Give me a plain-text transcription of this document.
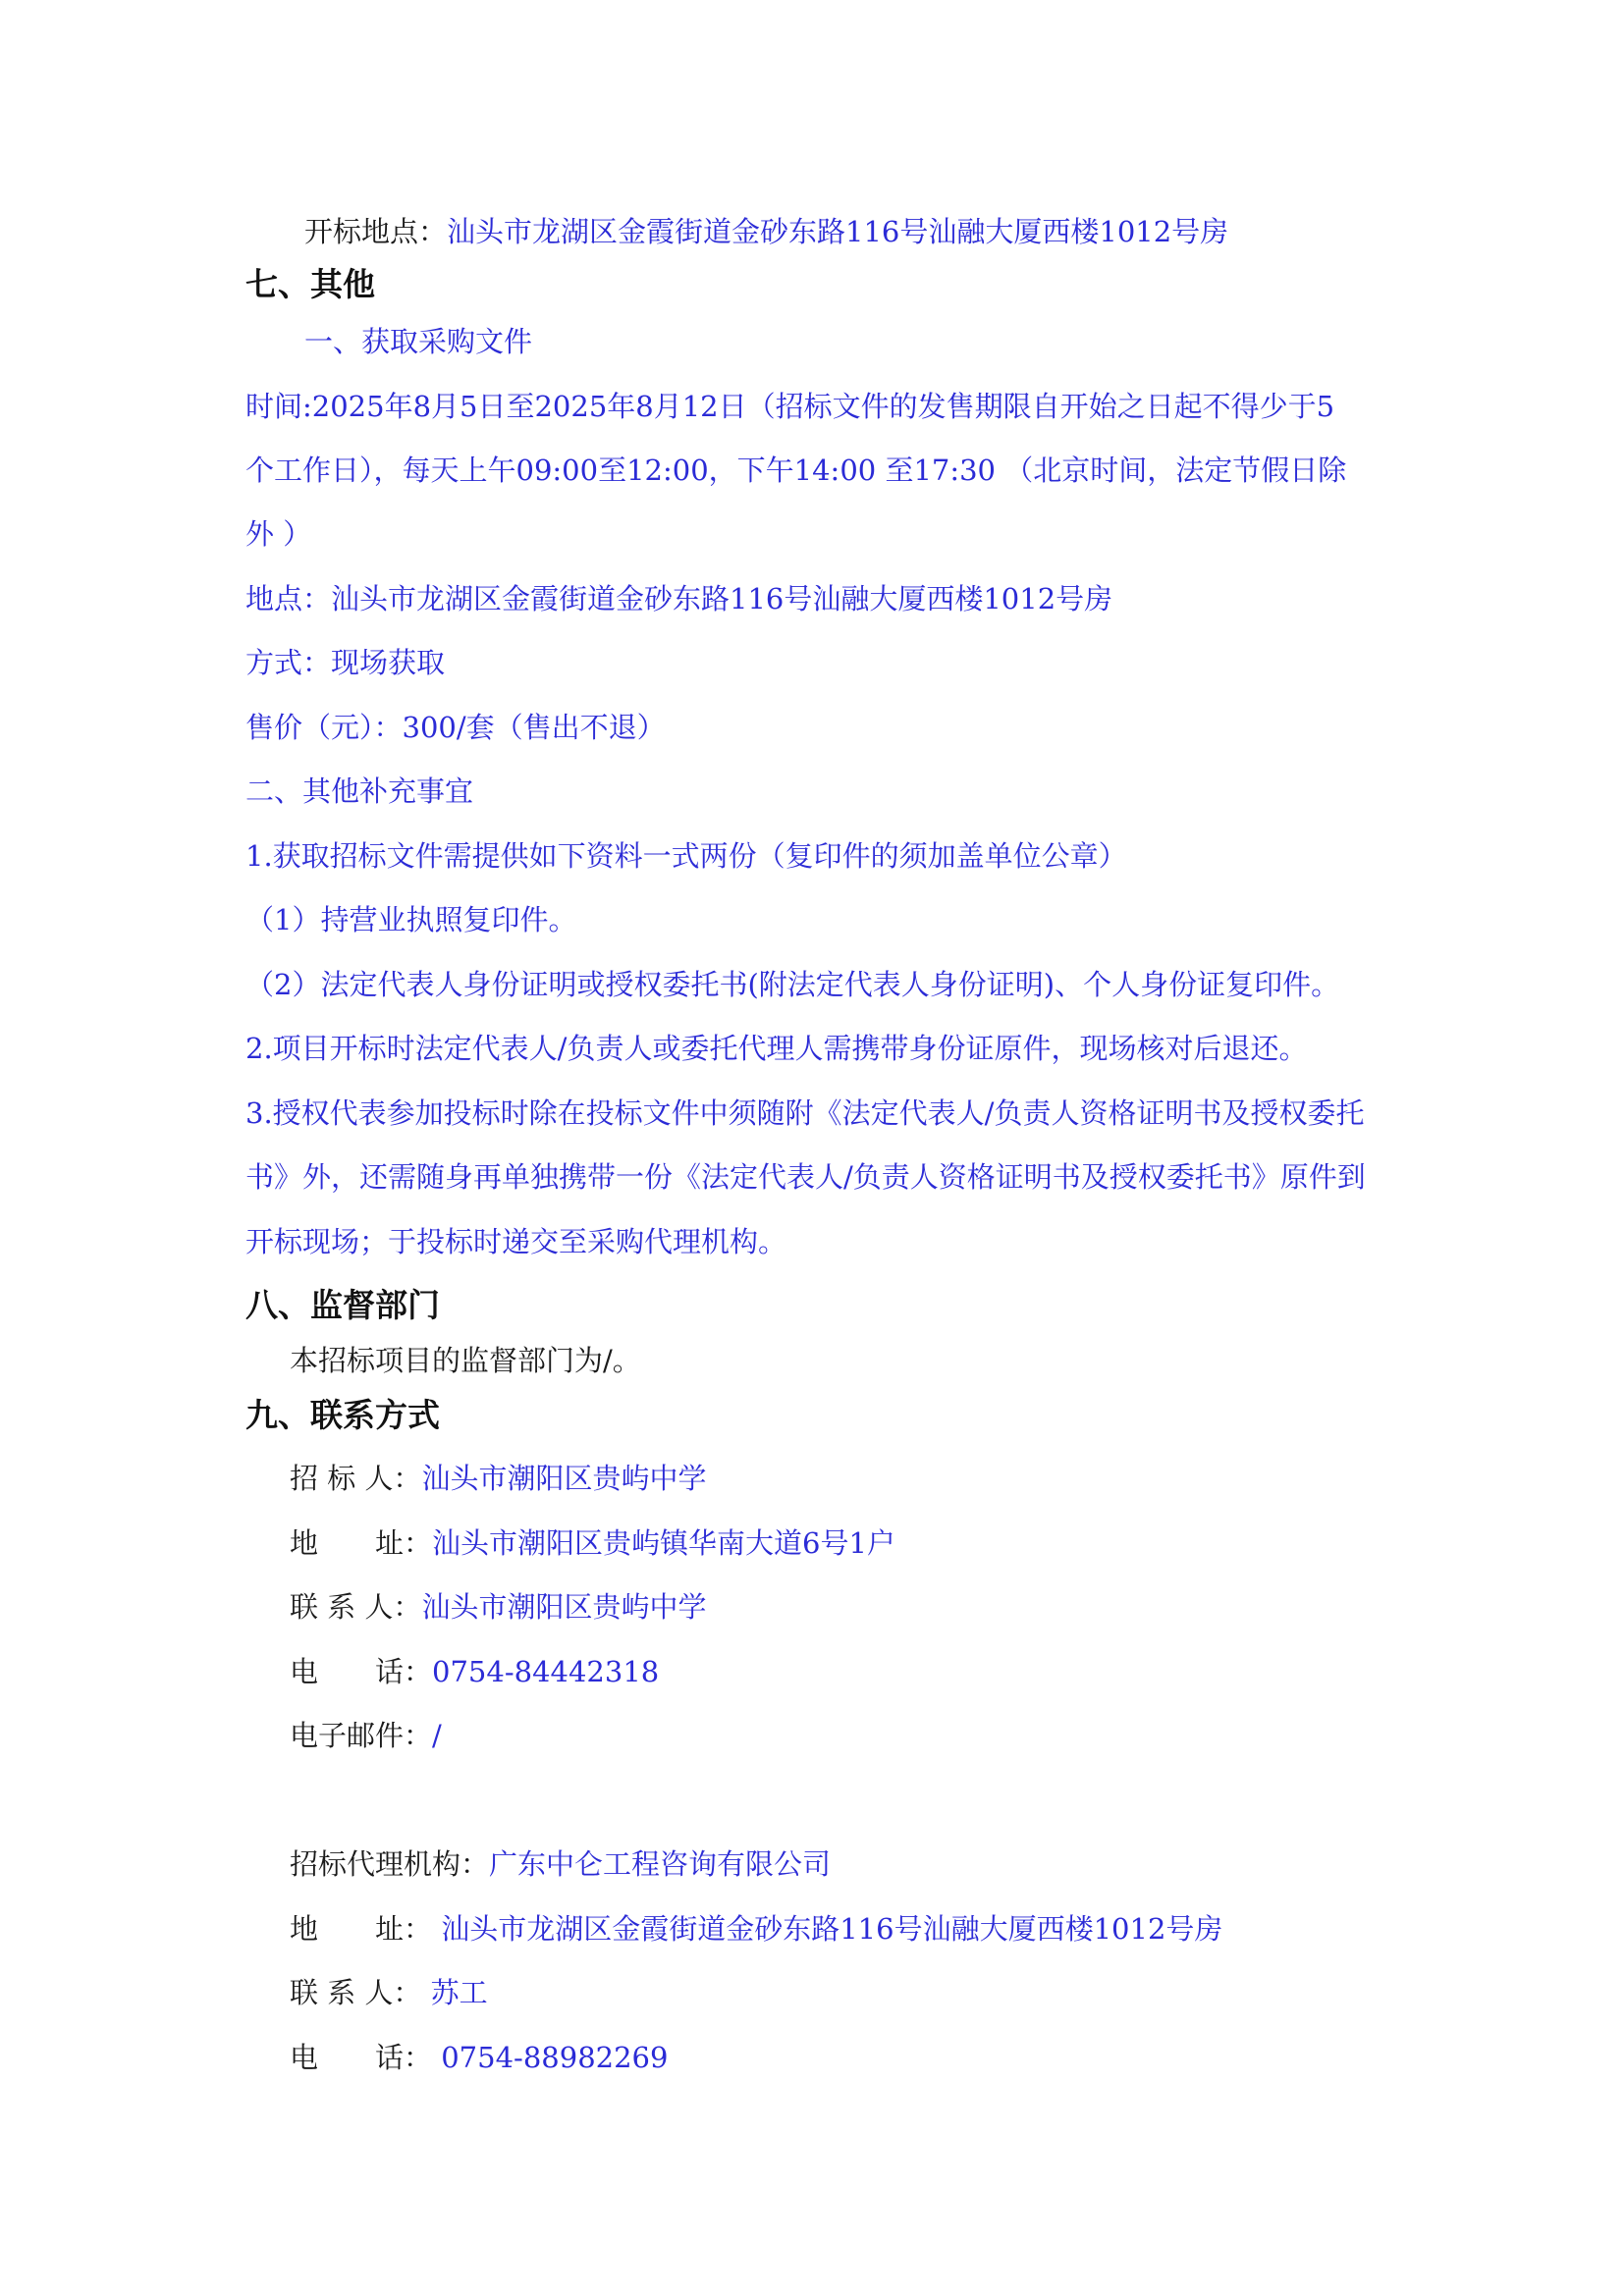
开标地点：汕头市龙湖区金霞街道金砂东路116号汕融大厦西楼1012号房
七、其他
一、获取采购文件
时间:2025年8月5日至2025年8月12日（招标文件的发售期限自开始之日起不得少于5
个工作日），每天上午09:00至12:00，下午14:00 至17:30 （北京时间，法定节假日除
外 ）
地点：汕头市龙湖区金霞街道金砂东路116号汕融大厦西楼1012号房
方式：现场获取
售价（元）：300/套（售出不退）
二、其他补充事宜
1.获取招标文件需提供如下资料一式两份（复印件的须加盖单位公章）
（1）持营业执照复印件。
（2）法定代表人身份证明或授权委托书(附法定代表人身份证明)、个人身份证复印件。
2.项目开标时法定代表人/负责人或委托代理人需携带身份证原件，现场核对后退还。
3.授权代表参加投标时除在投标文件中须随附《法定代表人/负责人资格证明书及授权委托
书》外，还需随身再单独携带一份《法定代表人/负责人资格证明书及授权委托书》原件到
开标现场；于投标时递交至采购代理机构。
八、监督部门
本招标项目的监督部门为/。
九、联系方式
招 标 人：汕头市潮阳区贵屿中学
地　　址：汕头市潮阳区贵屿镇华南大道6号1户
联 系 人：汕头市潮阳区贵屿中学
电　　话：0754-84442318
电子邮件：/
招标代理机构：广东中仑工程咨询有限公司
地　　址： 汕头市龙湖区金霞街道金砂东路116号汕融大厦西楼1012号房
联 系 人： 苏工
电　　话： 0754-88982269
